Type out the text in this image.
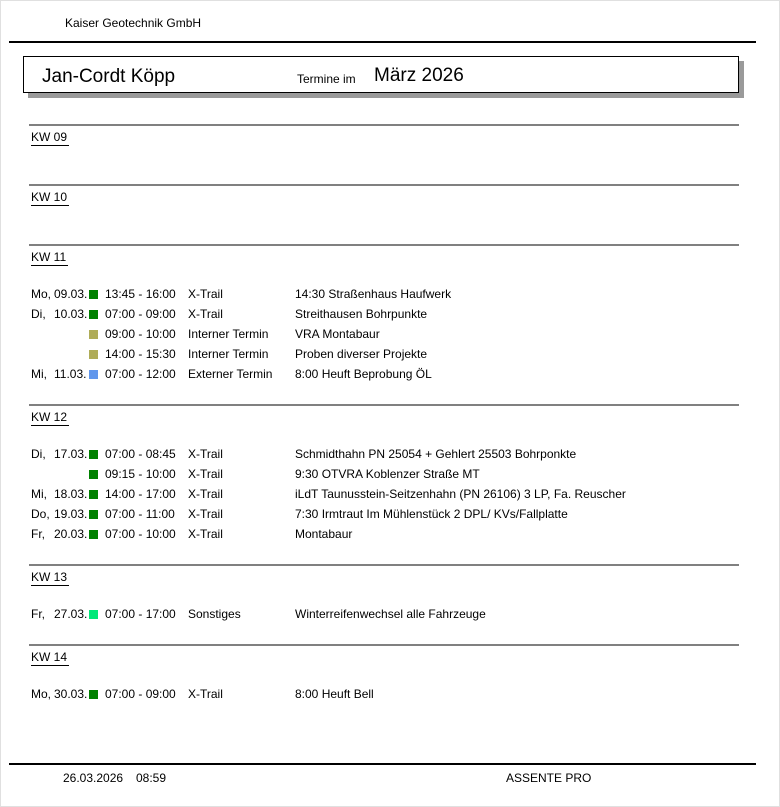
Kaiser Geotechnik GmbH
Jan-Cordt Köpp	Termine im März 2026
KW 09
KW 10
KW 11
Mo, 09.03. 13:45 - 16:00	X-Trail	14:30 Straßenhaus Haufwerk
Di, 10.03. 07:00 - 09:00	X-Trail	Streithausen Bohrpunkte
09:00 - 10:00	Interner Termin	VRA Montabaur
14:00 - 15:30	Interner Termin	Proben diverser Projekte
Mi, 11.03. 07:00 - 12:00	Externer Termin	8:00 Heuft Beprobung ÖL
KW 12
Di, 17.03. 07:00 - 08:45	X-Trail	Schmidthahn PN 25054 + Gehlert 25503 Bohrponkte
09:15 - 10:00	X-Trail	9:30 OTVRA Koblenzer Straße MT
Mi, 18.03. 14:00 - 17:00	X-Trail	iLdT Taunusstein-Seitzenhahn (PN 26106) 3 LP, Fa. Reuscher
Do, 19.03. 07:00 - 11:00	X-Trail	7:30 Irmtraut Im Mühlenstück 2 DPL/ KVs/Fallplatte
Fr, 20.03. 07:00 - 10:00	X-Trail	Montabaur
KW 13
Fr, 27.03. 07:00 - 17:00	Sonstiges	Winterreifenwechsel alle Fahrzeuge
KW 14
Mo, 30.03. 07:00 - 09:00	X-Trail	8:00 Heuft Bell
26.03.2026 08:59	ASSENTE PRO
